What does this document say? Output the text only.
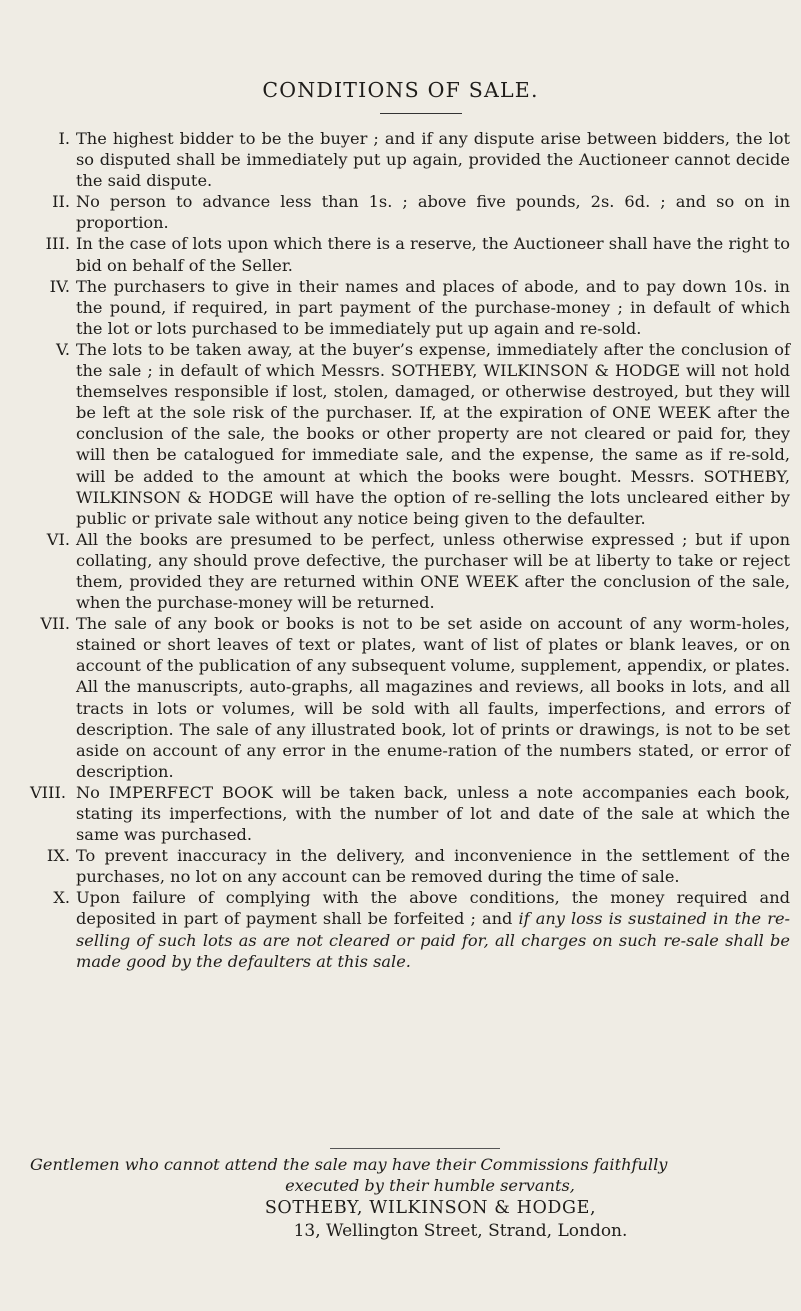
CONDITIONS OF SALE.

I. The highest bidder to be the buyer ; and if any dispute arise between bidders, the lot so disputed shall be immediately put up again, provided the Auctioneer cannot decide the said dispute.

II. No person to advance less than 1s. ; above five pounds, 2s. 6d. ; and so on in proportion.

III. In the case of lots upon which there is a reserve, the Auctioneer shall have the right to bid on behalf of the Seller.

IV. The purchasers to give in their names and places of abode, and to pay down 10s. in the pound, if required, in part payment of the purchase-money ; in default of which the lot or lots purchased to be immediately put up again and re-sold.

V. The lots to be taken away, at the buyer’s expense, immediately after the conclusion of the sale ; in default of which Messrs. SOTHEBY, WILKINSON & HODGE will not hold themselves responsible if lost, stolen, damaged, or otherwise destroyed, but they will be left at the sole risk of the purchaser. If, at the expiration of ONE WEEK after the conclusion of the sale, the books or other property are not cleared or paid for, they will then be catalogued for immediate sale, and the expense, the same as if re-sold, will be added to the amount at which the books were bought. Messrs. SOTHEBY, WILKINSON & HODGE will have the option of re-selling the lots uncleared either by public or private sale without any notice being given to the defaulter.

VI. All the books are presumed to be perfect, unless otherwise expressed ; but if upon collating, any should prove defective, the purchaser will be at liberty to take or reject them, provided they are returned within ONE WEEK after the conclusion of the sale, when the purchase-money will be returned.

VII. The sale of any book or books is not to be set aside on account of any worm-holes, stained or short leaves of text or plates, want of list of plates or blank leaves, or on account of the publication of any subsequent volume, supplement, appendix, or plates. All the manuscripts, auto-graphs, all magazines and reviews, all books in lots, and all tracts in lots or volumes, will be sold with all faults, imperfections, and errors of description. The sale of any illustrated book, lot of prints or drawings, is not to be set aside on account of any error in the enume-ration of the numbers stated, or error of description.

VIII. No IMPERFECT BOOK will be taken back, unless a note accompanies each book, stating its imperfections, with the number of lot and date of the sale at which the same was purchased.

IX. To prevent inaccuracy in the delivery, and inconvenience in the settlement of the purchases, no lot on any account can be removed during the time of sale.

X. Upon failure of complying with the above conditions, the money required and deposited in part of payment shall be forfeited ; and if any loss is sustained in the re-selling of such lots as are not cleared or paid for, all charges on such re-sale shall be made good by the defaulters at this sale.

Gentlemen who cannot attend the sale may have their Commissions faithfully

executed by their humble servants,

SOTHEBY, WILKINSON & HODGE,
13, Wellington Street, Strand, London.
